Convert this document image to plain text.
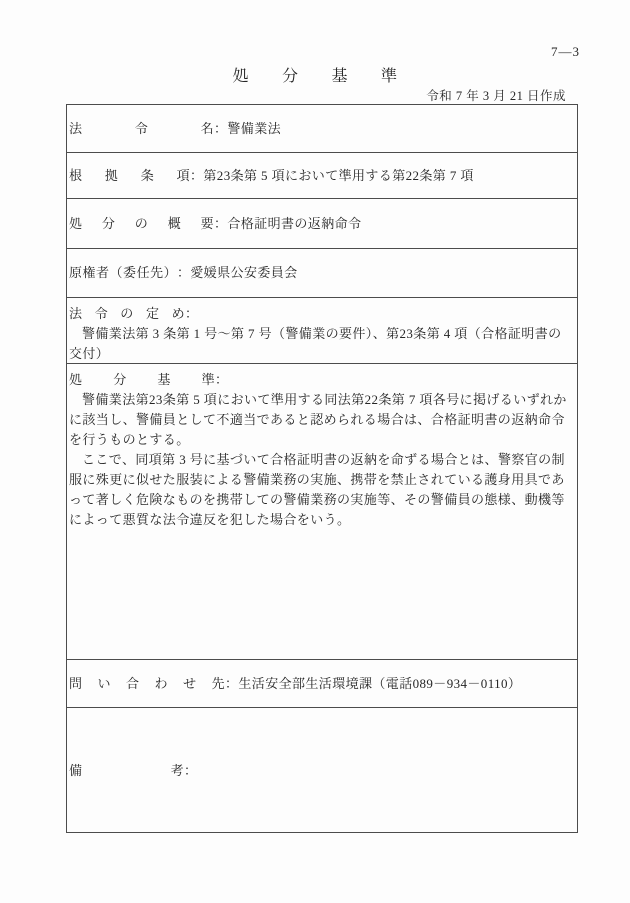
7—3
処　　分　　基　　準
令和 7 年 3 月 21 日作成
法令名 ： 警備業法
根拠条項 ： 第23条第 5 項において準用する第22条第 7 項
処分の概要 ： 合格証明書の返納命令
原権者（委任先） ： 愛媛県公安委員会
法令の定め：

警備業法第 3 条第 1 号～第 7 号（警備業の要件）、第23条第 4 項（合格証明書の交付）

処分基準：

警備業法第23条第 5 項において準用する同法第22条第 7 項各号に掲げるいずれかに該当し、警備員として不適当であると認められる場合は、合格証明書の返納命令を行うものとする。

ここで、同項第 3 号に基づいて合格証明書の返納を命ずる場合とは、警察官の制服に殊更に似せた服装による警備業務の実施、携帯を禁止されている護身用具であって著しく危険なものを携帯しての警備業務の実施等、その警備員の態様、動機等によって悪質な法令違反を犯した場合をいう。

問い合わせ先 ： 生活安全部生活環境課（電話089－934－0110）
備考 ：
